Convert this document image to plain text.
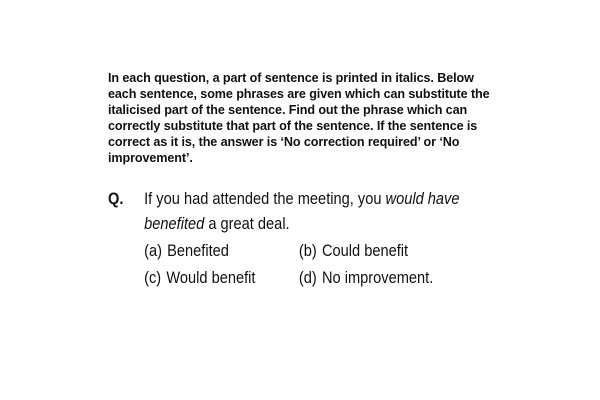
In each question, a part of sentence is printed in italics. Below each sentence, some phrases are given which can substitute the italicised part of the sentence. Find out the phrase which can correctly substitute that part of the sentence. If the sentence is correct as it is, the answer is ‘No correction required’ or ‘No improvement’.
Q. If you had attended the meeting, you would have benefited a great deal.
(a) Benefited	(b) Could benefit
(c) Would benefit	(d) No improvement.
